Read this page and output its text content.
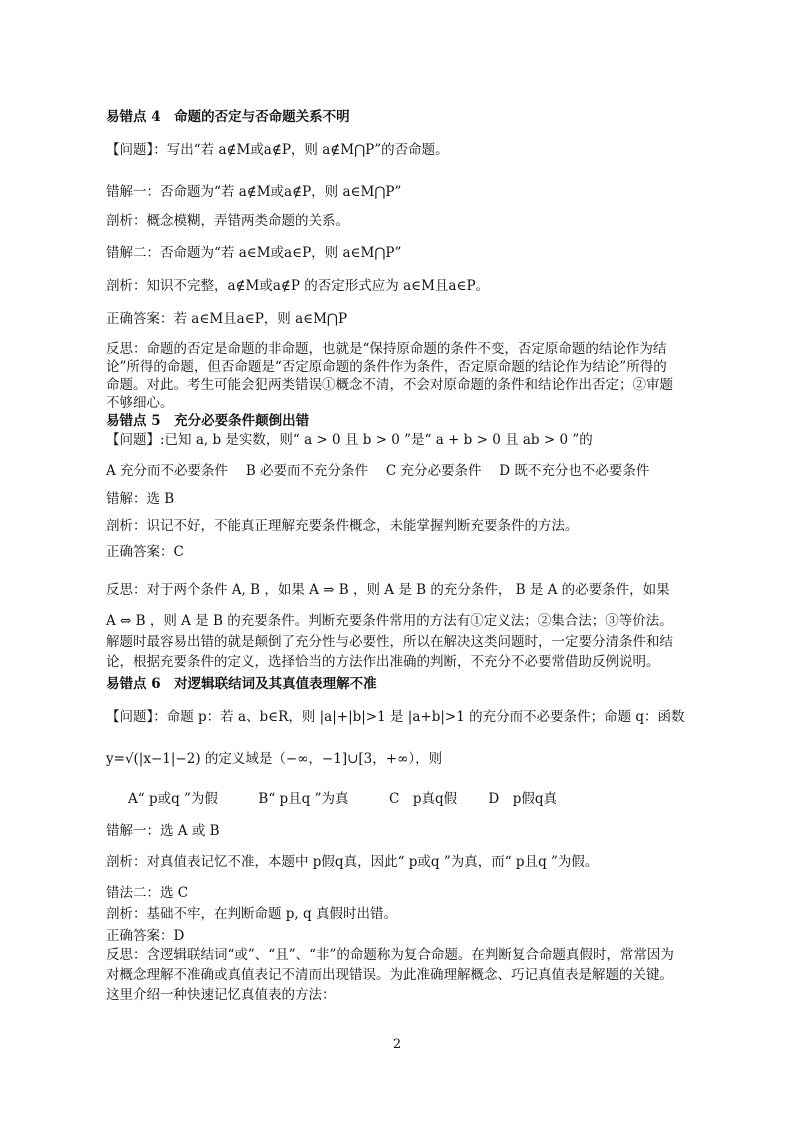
易错点 4　命题的否定与否命题关系不明
【问题】：写出“若 a∉M或a∉P，则 a∉M⋂P”的否命题。
错解一：否命题为“若 a∉M或a∉P，则 a∈M⋂P”
剖析：概念模糊，弄错两类命题的关系。
错解二：否命题为“若 a∈M或a∈P，则 a∈M⋂P”
剖析：知识不完整，a∉M或a∉P 的否定形式应为 a∈M且a∈P。
正确答案：若 a∈M且a∈P，则 a∈M⋂P
反思：命题的否定是命题的非命题，也就是“保持原命题的条件不变，否定原命题的结论作为结
论”所得的命题，但否命题是“否定原命题的条件作为条件，否定原命题的结论作为结论”所得的
命题。对此。考生可能会犯两类错误①概念不清，不会对原命题的条件和结论作出否定；②审题
不够细心。
易错点 5　充分必要条件颠倒出错
【问题】:已知 a, b 是实数，则“ a > 0 且 b > 0 ”是“ a + b > 0 且 ab > 0 ”的
A 充分而不必要条件　 B 必要而不充分条件　 C 充分必要条件　 D 既不充分也不必要条件
错解：选 B
剖析：识记不好，不能真正理解充要条件概念，未能掌握判断充要条件的方法。
正确答案：C
反思：对于两个条件 A, B ，如果 A ⇒ B ，则 A 是 B 的充分条件， B 是 A 的必要条件，如果
A ⇔ B ，则 A 是 B 的充要条件。判断充要条件常用的方法有①定义法；②集合法；③等价法。
解题时最容易出错的就是颠倒了充分性与必要性，所以在解决这类问题时，一定要分清条件和结
论，根据充要条件的定义，选择恰当的方法作出准确的判断，不充分不必要常借助反例说明。
易错点 6　对逻辑联结词及其真值表理解不准
【问题】：命题 p：若 a、b∈R，则 |a|+|b|>1 是 |a+b|>1 的充分而不必要条件；命题 q：函数
y=√(|x−1|−2) 的定义域是（−∞，−1]∪[3，+∞），则
A“ p或q ”为假　　　B“ p且q ”为真　　　C　p真q假　　 D　p假q真
错解一：选 A 或 B
剖析：对真值表记忆不准，本题中 p假q真，因此“ p或q ”为真，而“ p且q ”为假。
错法二：选 C
剖析：基础不牢，在判断命题 p, q 真假时出错。
正确答案：D
反思：含逻辑联结词“或”、“且”、“非”的命题称为复合命题。在判断复合命题真假时，常常因为
对概念理解不准确或真值表记不清而出现错误。为此准确理解概念、巧记真值表是解题的关键。
这里介绍一种快速记忆真值表的方法：
2
